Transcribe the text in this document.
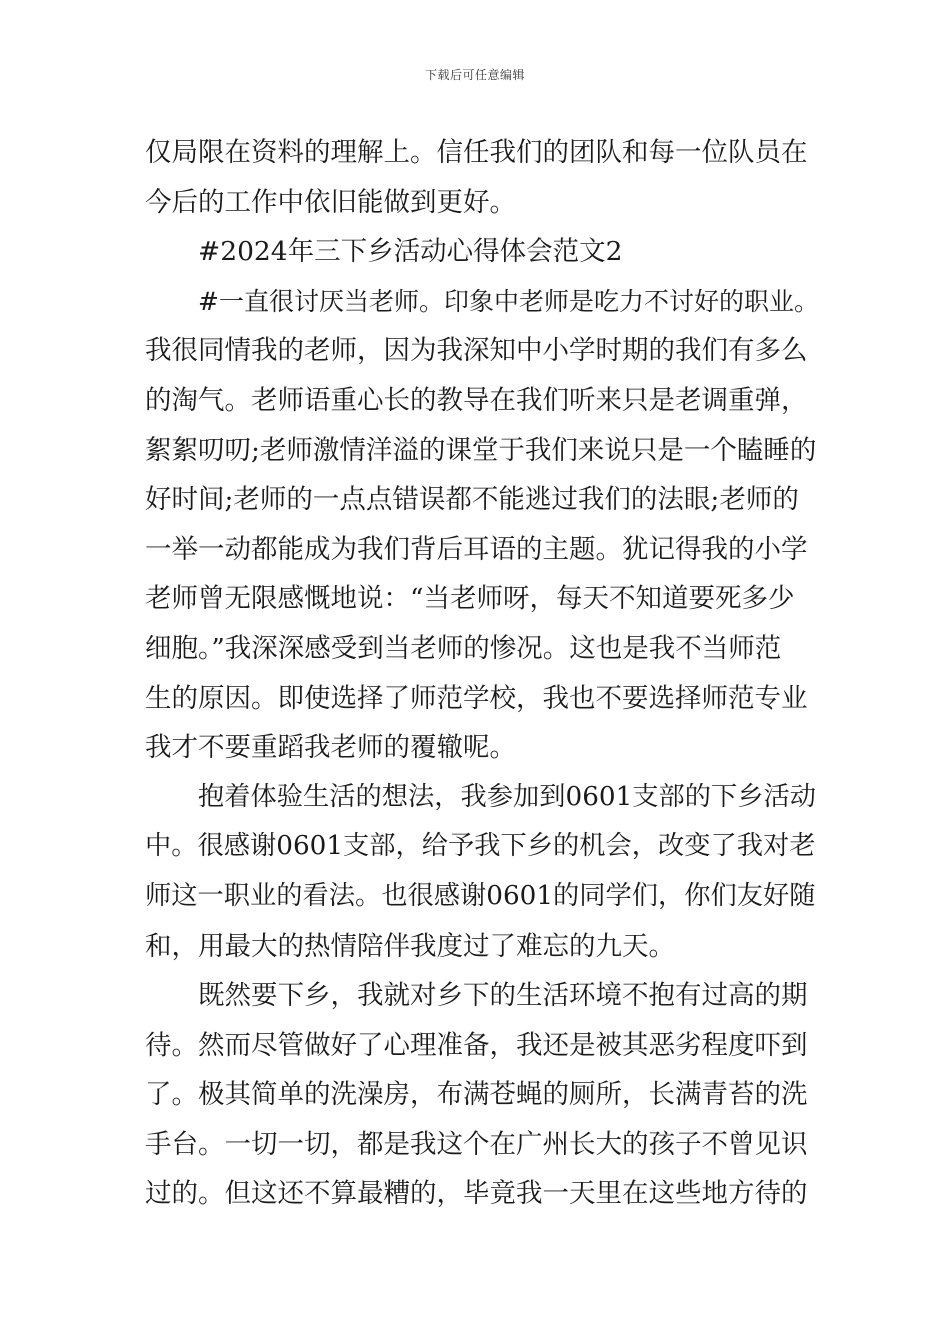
下载后可任意编辑
仅局限在资料的理解上。信任我们的团队和每一位队员在
今后的工作中依旧能做到更好。
#2024年三下乡活动心得体会范文2
#一直很讨厌当老师。印象中老师是吃力不讨好的职业。
我很同情我的老师，因为我深知中小学时期的我们有多么
的淘气。老师语重心长的教导在我们听来只是老调重弹，
絮絮叨叨;老师激情洋溢的课堂于我们来说只是一个瞌睡的
好时间;老师的一点点错误都不能逃过我们的法眼;老师的
一举一动都能成为我们背后耳语的主题。犹记得我的小学
老师曾无限感慨地说：“当老师呀，每天不知道要死多少
细胞。”我深深感受到当老师的惨况。这也是我不当师范
生的原因。即使选择了师范学校，我也不要选择师范专业
我才不要重蹈我老师的覆辙呢。
抱着体验生活的想法，我参加到0601支部的下乡活动
中。很感谢0601支部，给予我下乡的机会，改变了我对老
师这一职业的看法。也很感谢0601的同学们，你们友好随
和，用最大的热情陪伴我度过了难忘的九天。
既然要下乡，我就对乡下的生活环境不抱有过高的期
待。然而尽管做好了心理准备，我还是被其恶劣程度吓到
了。极其简单的洗澡房，布满苍蝇的厕所，长满青苔的洗
手台。一切一切，都是我这个在广州长大的孩子不曾见识
过的。但这还不算最糟的，毕竟我一天里在这些地方待的
